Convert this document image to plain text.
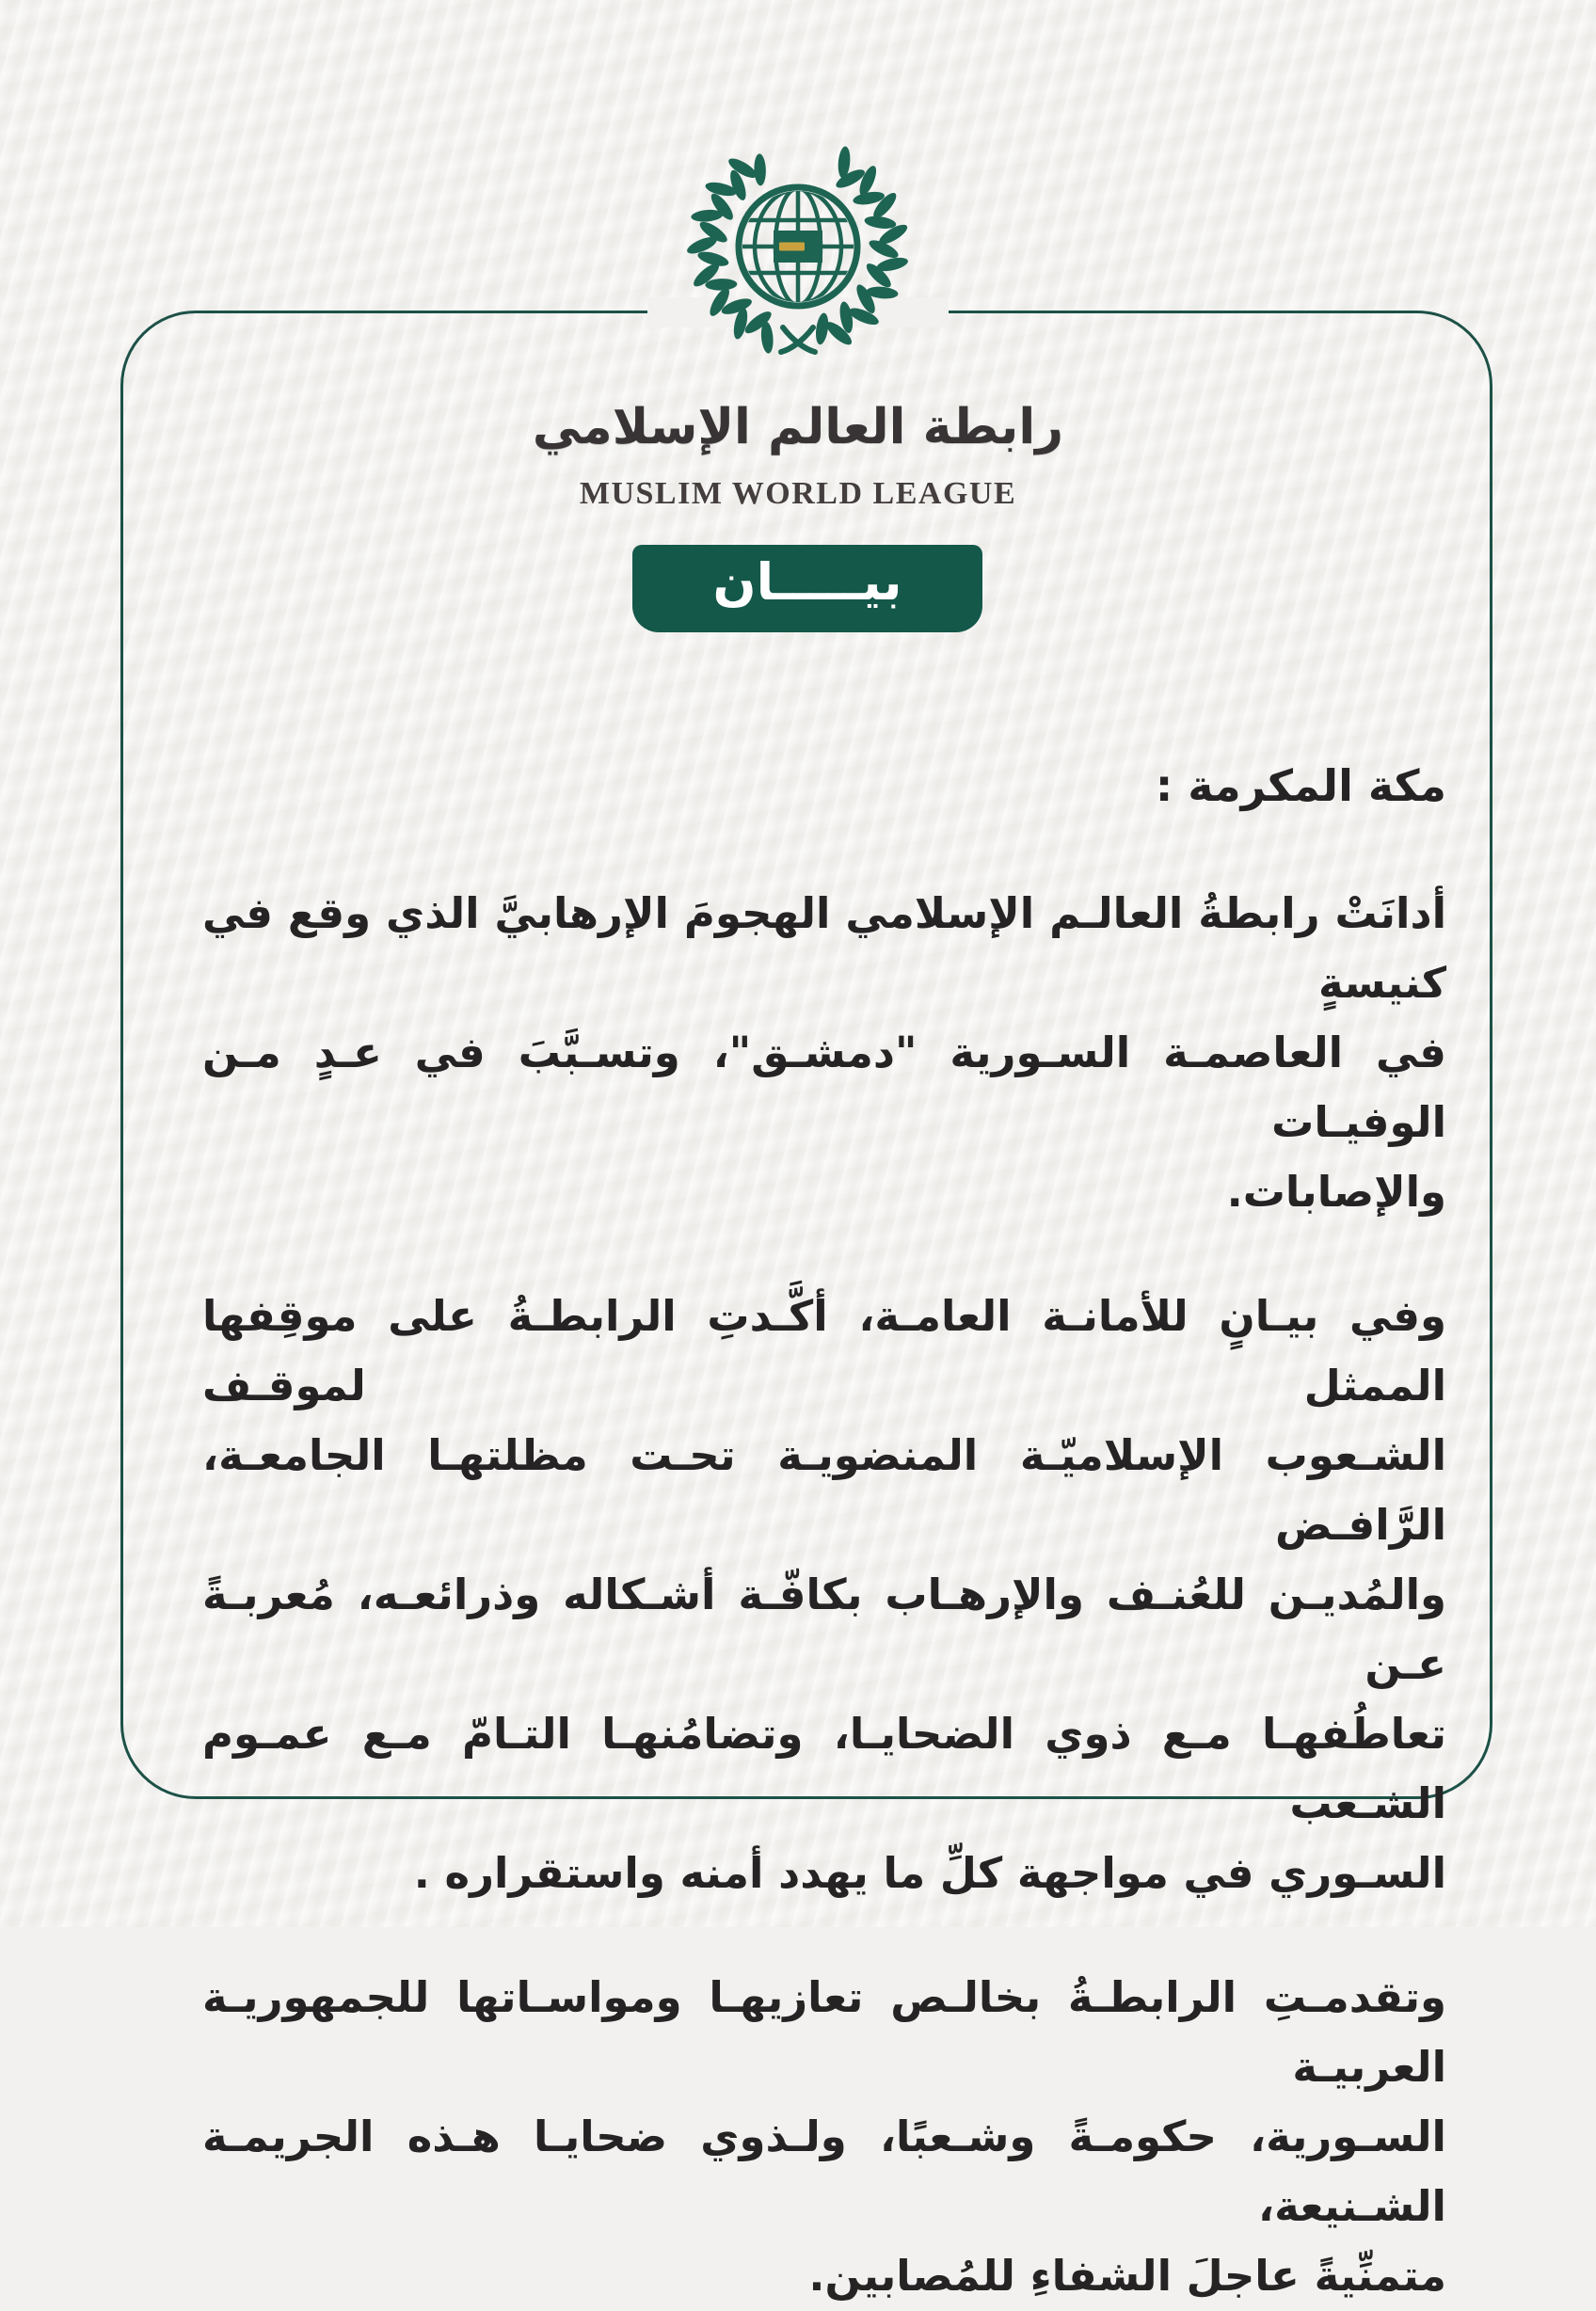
رابطة العالم الإسلامي
MUSLIM WORLD LEAGUE
بيـــــان
مكة المكرمة :
أدانَتْ رابطةُ العالـم الإسلامي الهجومَ الإرهابيَّ الذي وقع في كنيسةٍ
في العاصمـة السـورية "دمشـق"، وتسـبَّبَ في عـدٍ مـن الوفيـات
والإصابات.
وفي بيـانٍ للأمانـة العامـة، أكَّـدتِ الرابطـةُ على موقِفها الممثل لموقـف
الشـعوب الإسلاميّـة المنضويـة تحـت مظلتهـا الجامعـة، الرَّافـض
والمُديـن للعُنـف والإرهـاب بكافّـة أشـكاله وذرائعـه، مُعربـةً عـن
تعاطُفهـا مـع ذوي الضحايـا، وتضامُنهـا التـامّ مـع عمـوم الشـعب
السـوري في مواجهة كلِّ ما يهدد أمنه واستقراره .
وتقدمـتِ الرابطـةُ بخالـص تعازيهـا ومواسـاتها للجمهوريـة العربيـة
السـورية، حكومـةً وشـعبًا، ولـذوي ضحايـا هـذه الجريمـة الشـنيعة،
متمنِّيةً عاجلَ الشفاءِ للمُصابين.
